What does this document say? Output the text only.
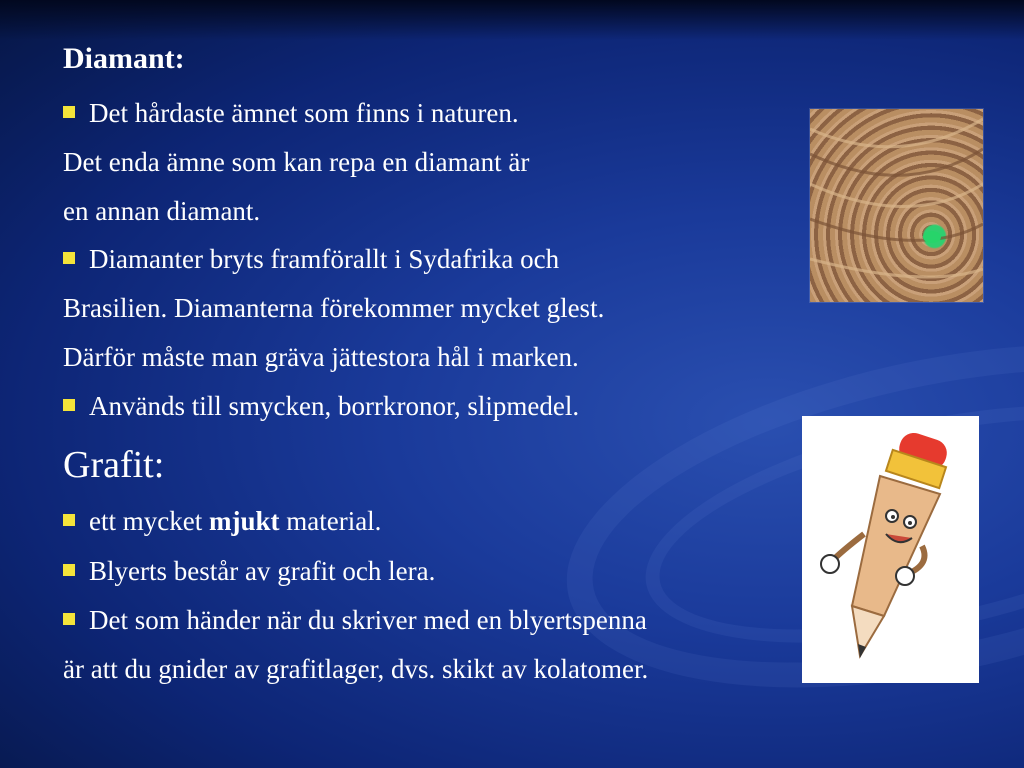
Diamant:
Det hårdaste ämnet som finns i naturen.
Det enda ämne som kan repa en diamant är
en annan diamant.
Diamanter bryts framförallt i Sydafrika och
Brasilien. Diamanterna förekommer mycket glest.
Därför måste man gräva jättestora hål i marken.
Används till smycken, borrkronor, slipmedel.
Grafit:
ett mycket mjukt material.
Blyerts består av grafit och lera.
Det som händer när du skriver med en blyertspenna
är att du gnider av grafitlager, dvs. skikt av kolatomer.
